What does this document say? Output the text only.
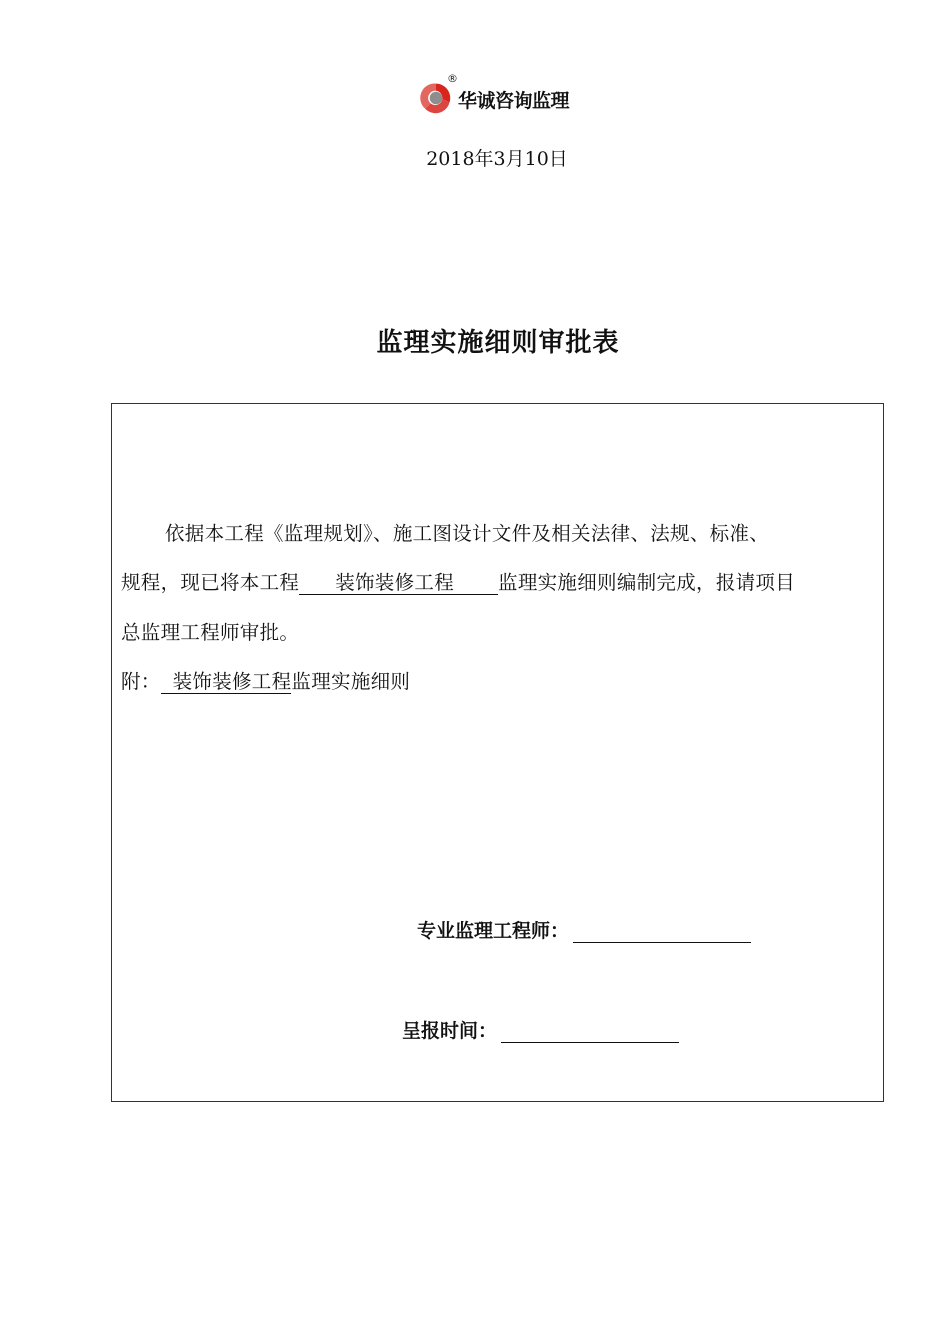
®
华诚咨询监理
2018年3月10日
监理实施细则审批表
依据本工程《监理规划》、施工图设计文件及相关法律、法规、标准、
规程，现已将本工程 装饰装修工程 监理实施细则编制完成，报请项目
总监理工程师审批。
附： 装饰装修工程监理实施细则
专业监理工程师：
呈报时间：
